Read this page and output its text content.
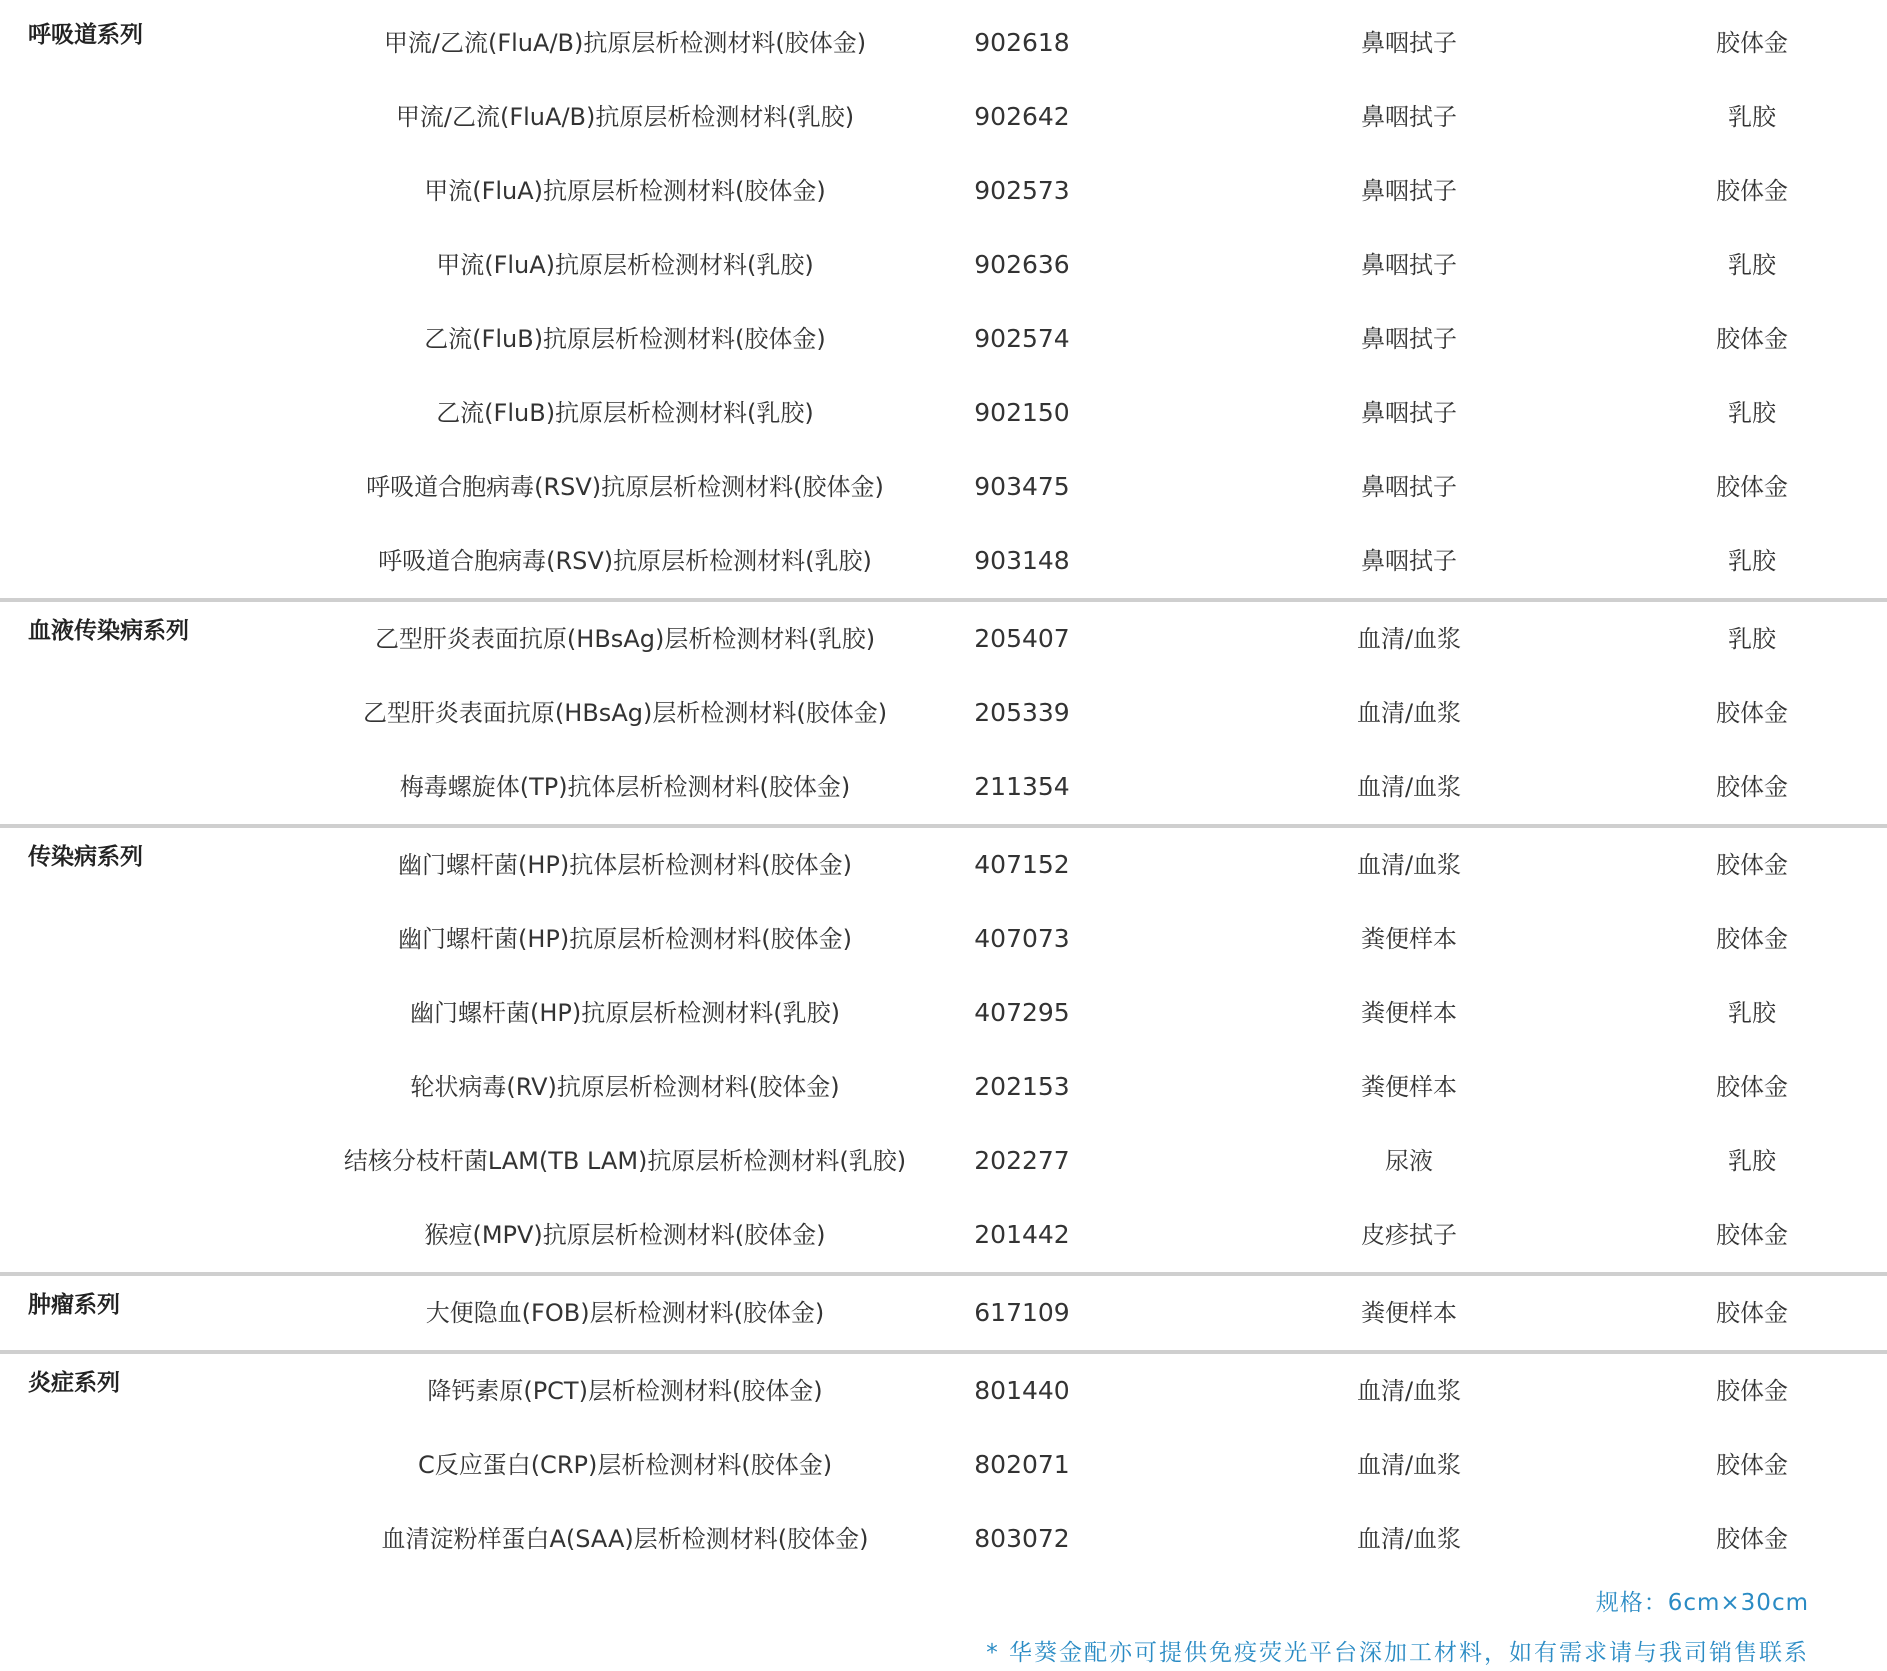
呼吸道系列	甲流/乙流(FluA/B)抗原层析检测材料(胶体金)	902618	鼻咽拭子	胶体金
甲流/乙流(FluA/B)抗原层析检测材料(乳胶)	902642	鼻咽拭子	乳胶
甲流(FluA)抗原层析检测材料(胶体金)	902573	鼻咽拭子	胶体金
甲流(FluA)抗原层析检测材料(乳胶)	902636	鼻咽拭子	乳胶
乙流(FluB)抗原层析检测材料(胶体金)	902574	鼻咽拭子	胶体金
乙流(FluB)抗原层析检测材料(乳胶)	902150	鼻咽拭子	乳胶
呼吸道合胞病毒(RSV)抗原层析检测材料(胶体金)	903475	鼻咽拭子	胶体金
呼吸道合胞病毒(RSV)抗原层析检测材料(乳胶)	903148	鼻咽拭子	乳胶
血液传染病系列	乙型肝炎表面抗原(HBsAg)层析检测材料(乳胶)	205407	血清/血浆	乳胶
乙型肝炎表面抗原(HBsAg)层析检测材料(胶体金)	205339	血清/血浆	胶体金
梅毒螺旋体(TP)抗体层析检测材料(胶体金)	211354	血清/血浆	胶体金
传染病系列	幽门螺杆菌(HP)抗体层析检测材料(胶体金)	407152	血清/血浆	胶体金
幽门螺杆菌(HP)抗原层析检测材料(胶体金)	407073	粪便样本	胶体金
幽门螺杆菌(HP)抗原层析检测材料(乳胶)	407295	粪便样本	乳胶
轮状病毒(RV)抗原层析检测材料(胶体金)	202153	粪便样本	胶体金
结核分枝杆菌LAM(TB LAM)抗原层析检测材料(乳胶)	202277	尿液	乳胶
猴痘(MPV)抗原层析检测材料(胶体金)	201442	皮疹拭子	胶体金
肿瘤系列	大便隐血(FOB)层析检测材料(胶体金)	617109	粪便样本	胶体金
炎症系列	降钙素原(PCT)层析检测材料(胶体金)	801440	血清/血浆	胶体金
C反应蛋白(CRP)层析检测材料(胶体金)	802071	血清/血浆	胶体金
血清淀粉样蛋白A(SAA)层析检测材料(胶体金)	803072	血清/血浆	胶体金
规格：6cm×30cm
* 华葵金配亦可提供免疫荧光平台深加工材料，如有需求请与我司销售联系
